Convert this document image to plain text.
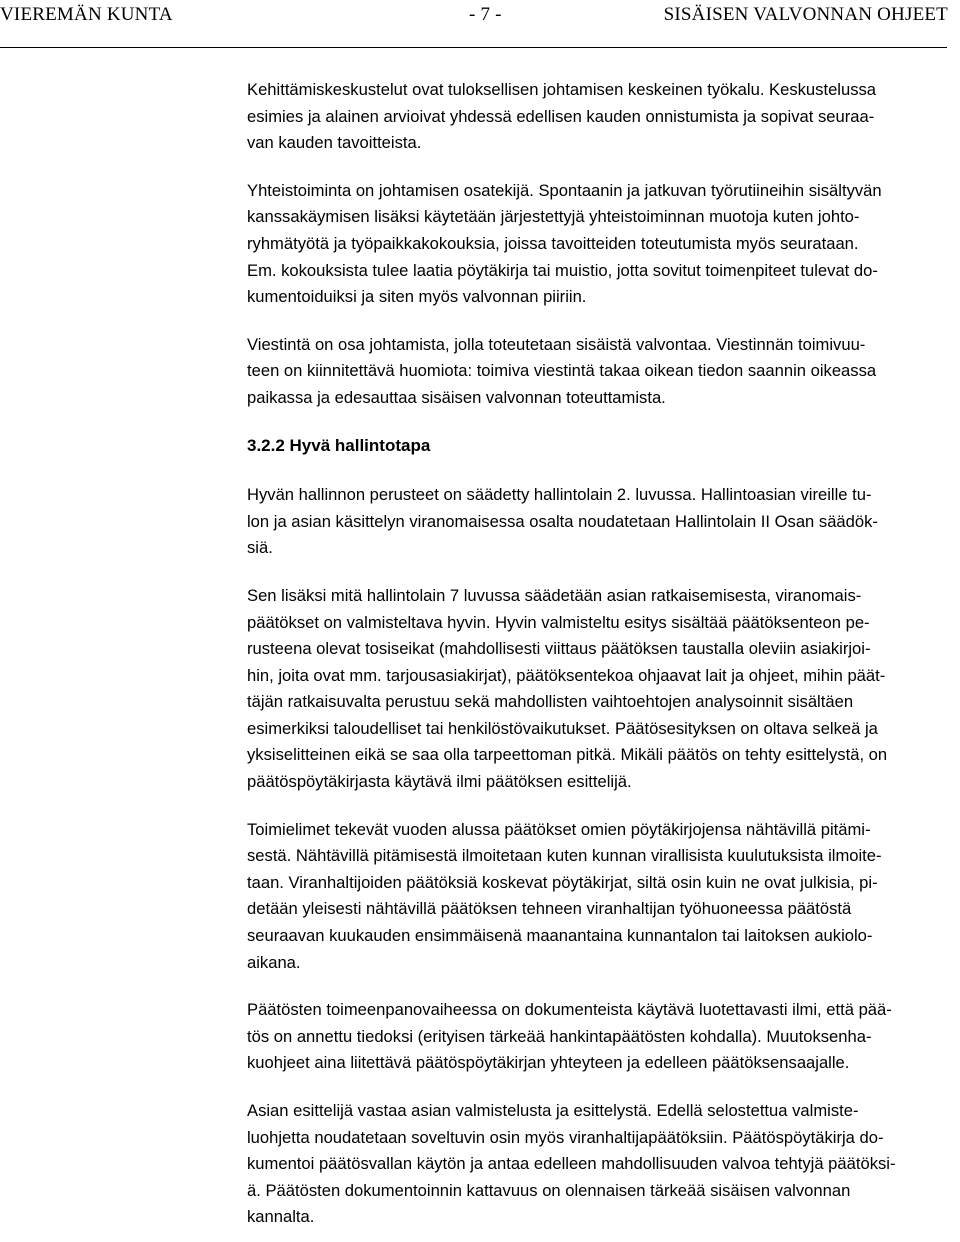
VIEREMÄN KUNTA	- 7 -	SISÄISEN VALVONNAN OHJEET

Kehittämiskeskustelut ovat tuloksellisen johtamisen keskeinen työkalu. Keskustelussa
esimies ja alainen arvioivat yhdessä edellisen kauden onnistumista ja sopivat seuraa-
van kauden tavoitteista.

Yhteistoiminta on johtamisen osatekijä. Spontaanin ja jatkuvan työrutiineihin sisältyvän
kanssakäymisen lisäksi käytetään järjestettyjä yhteistoiminnan muotoja kuten johto-
ryhmätyötä ja työpaikkakokouksia, joissa tavoitteiden toteutumista myös seurataan.
Em. kokouksista tulee laatia pöytäkirja tai muistio, jotta sovitut toimenpiteet tulevat do-
kumentoiduiksi ja siten myös valvonnan piiriin.

Viestintä on osa johtamista, jolla toteutetaan sisäistä valvontaa. Viestinnän toimivuu-
teen on kiinnitettävä huomiota: toimiva viestintä takaa oikean tiedon saannin oikeassa
paikassa ja edesauttaa sisäisen valvonnan toteuttamista.

3.2.2 Hyvä hallintotapa

Hyvän hallinnon perusteet on säädetty hallintolain 2. luvussa. Hallintoasian vireille tu-
lon ja asian käsittelyn viranomaisessa osalta noudatetaan Hallintolain II Osan säädök-
siä.

Sen lisäksi mitä hallintolain 7 luvussa säädetään asian ratkaisemisesta, viranomais-
päätökset on valmisteltava hyvin. Hyvin valmisteltu esitys sisältää päätöksenteon pe-
rusteena olevat tosiseikat (mahdollisesti viittaus päätöksen taustalla oleviin asiakirjoi-
hin, joita ovat mm. tarjousasiakirjat), päätöksentekoa ohjaavat lait ja ohjeet, mihin päät-
täjän ratkaisuvalta perustuu sekä mahdollisten vaihtoehtojen analysoinnit sisältäen
esimerkiksi taloudelliset tai henkilöstövaikutukset. Päätösesityksen on oltava selkeä ja
yksiselitteinen eikä se saa olla tarpeettoman pitkä. Mikäli päätös on tehty esittelystä, on
päätöspöytäkirjasta käytävä ilmi päätöksen esittelijä.

Toimielimet tekevät vuoden alussa päätökset omien pöytäkirjojensa nähtävillä pitämi-
sestä. Nähtävillä pitämisestä ilmoitetaan kuten kunnan virallisista kuulutuksista ilmoite-
taan. Viranhaltijoiden päätöksiä koskevat pöytäkirjat, siltä osin kuin ne ovat julkisia, pi-
detään yleisesti nähtävillä päätöksen tehneen viranhaltijan työhuoneessa päätöstä
seuraavan kuukauden ensimmäisenä maanantaina kunnantalon tai laitoksen aukiolo-
aikana.

Päätösten toimeenpanovaiheessa on dokumenteista käytävä luotettavasti ilmi, että pää-
tös on annettu tiedoksi (erityisen tärkeää hankintapäätösten kohdalla). Muutoksenha-
kuohjeet aina liitettävä päätöspöytäkirjan yhteyteen ja edelleen päätöksensaajalle.

Asian esittelijä vastaa asian valmistelusta ja esittelystä. Edellä selostettua valmiste-
luohjetta noudatetaan soveltuvin osin myös viranhaltijapäätöksiin. Päätöspöytäkirja do-
kumentoi päätösvallan käytön ja antaa edelleen mahdollisuuden valvoa tehtyjä päätöksi-
ä. Päätösten dokumentoinnin kattavuus on olennaisen tärkeää sisäisen valvonnan
kannalta.
